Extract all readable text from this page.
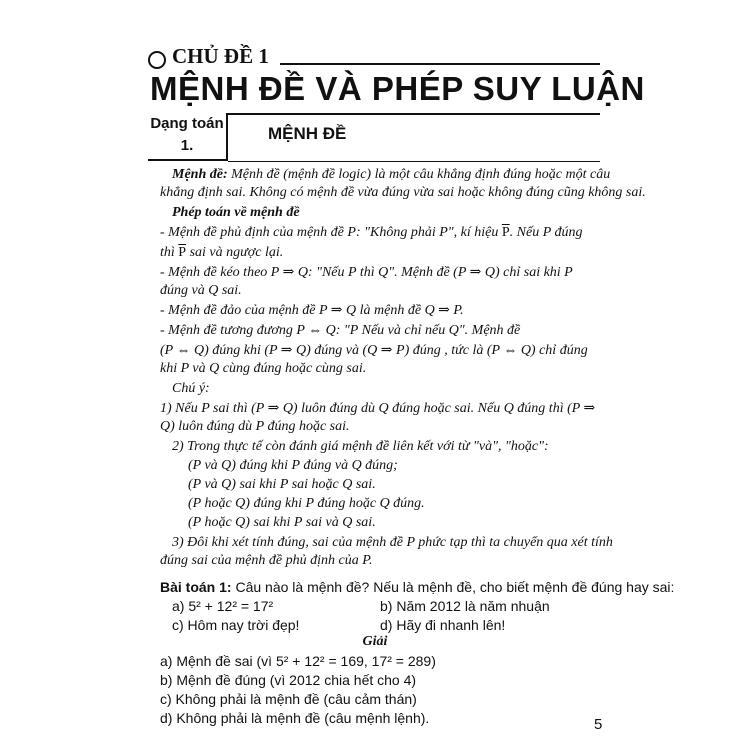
CHỦ ĐỀ 1
MỆNH ĐỀ VÀ PHÉP SUY LUẬN
Dạng toán
1.
MỆNH ĐỀ
Mệnh đề: Mệnh đề (mệnh đề logic) là một câu khẳng định đúng hoặc một câu
khẳng định sai. Không có mệnh đề vừa đúng vừa sai hoặc không đúng cũng không sai.
Phép toán về mệnh đề
- Mệnh đề phủ định của mệnh đề P: "Không phải P", kí hiệu $\overline{P}$. Nếu P đúng
thì $\overline{P}$ sai và ngược lại.
- Mệnh đề kéo theo P ⇒ Q: "Nếu P thì Q". Mệnh đề (P ⇒ Q) chỉ sai khi P
đúng và Q sai.
- Mệnh đề đảo của mệnh đề P ⇒ Q là mệnh đề Q ⇒ P.
- Mệnh đề tương đương P ⇔ Q: "P Nếu và chỉ nếu Q". Mệnh đề
(P ⇔ Q) đúng khi (P ⇒ Q) đúng và (Q ⇒ P) đúng , tức là (P ⇔ Q) chỉ đúng
khi P và Q cùng đúng hoặc cùng sai.
Chú ý:
1) Nếu P sai thì (P ⇒ Q) luôn đúng dù Q đúng hoặc sai. Nếu Q đúng thì (P ⇒
Q) luôn đúng dù P đúng hoặc sai.
2) Trong thực tế còn đánh giá mệnh đề liên kết với từ "và", "hoặc":
(P và Q) đúng khi P đúng và Q đúng;
(P và Q) sai khi P sai hoặc Q sai.
(P hoặc Q) đúng khi P đúng hoặc Q đúng.
(P hoặc Q) sai khi P sai và Q sai.
3) Đôi khi xét tính đúng, sai của mệnh đề P phức tạp thì ta chuyển qua xét tính
đúng sai của mệnh đề phủ định của P.
Bài toán 1: Câu nào là mệnh đề? Nếu là mệnh đề, cho biết mệnh đề đúng hay sai:
a) 5² + 12² = 17²	b) Năm 2012 là năm nhuận
c) Hôm nay trời đẹp!	d) Hãy đi nhanh lên!
Giải
a) Mệnh đề sai (vì 5² + 12² = 169, 17² = 289)
b) Mệnh đề đúng (vì 2012 chia hết cho 4)
c) Không phải là mệnh đề (câu cảm thán)
d) Không phải là mệnh đề (câu mệnh lệnh).	5
